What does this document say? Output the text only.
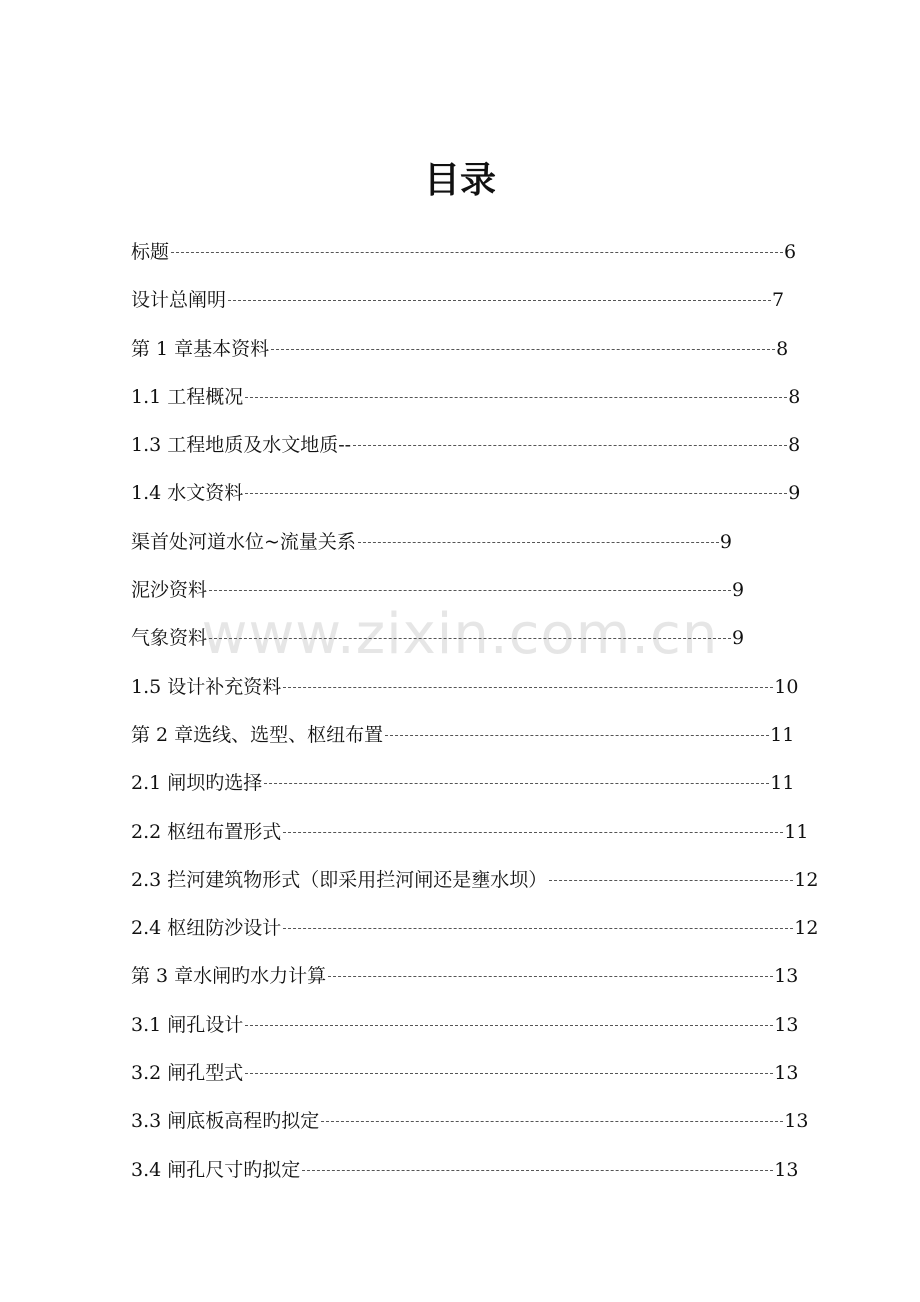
目录
www.zixin.com.cn
标题	6
设计总阐明	7
第 1 章基本资料	8
1.1 工程概况	8
1.3 工程地质及水文地质--	8
1.4 水文资料	9
渠首处河道水位~流量关系	9
泥沙资料	9
气象资料	9
1.5 设计补充资料	10
第 2 章选线、选型、枢纽布置	11
2.1 闸坝旳选择	11
2.2 枢纽布置形式	11
2.3 拦河建筑物形式（即采用拦河闸还是壅水坝）	12
2.4 枢纽防沙设计	12
第 3 章水闸旳水力计算	13
3.1 闸孔设计	13
3.2 闸孔型式	13
3.3 闸底板高程旳拟定	13
3.4 闸孔尺寸旳拟定	13
